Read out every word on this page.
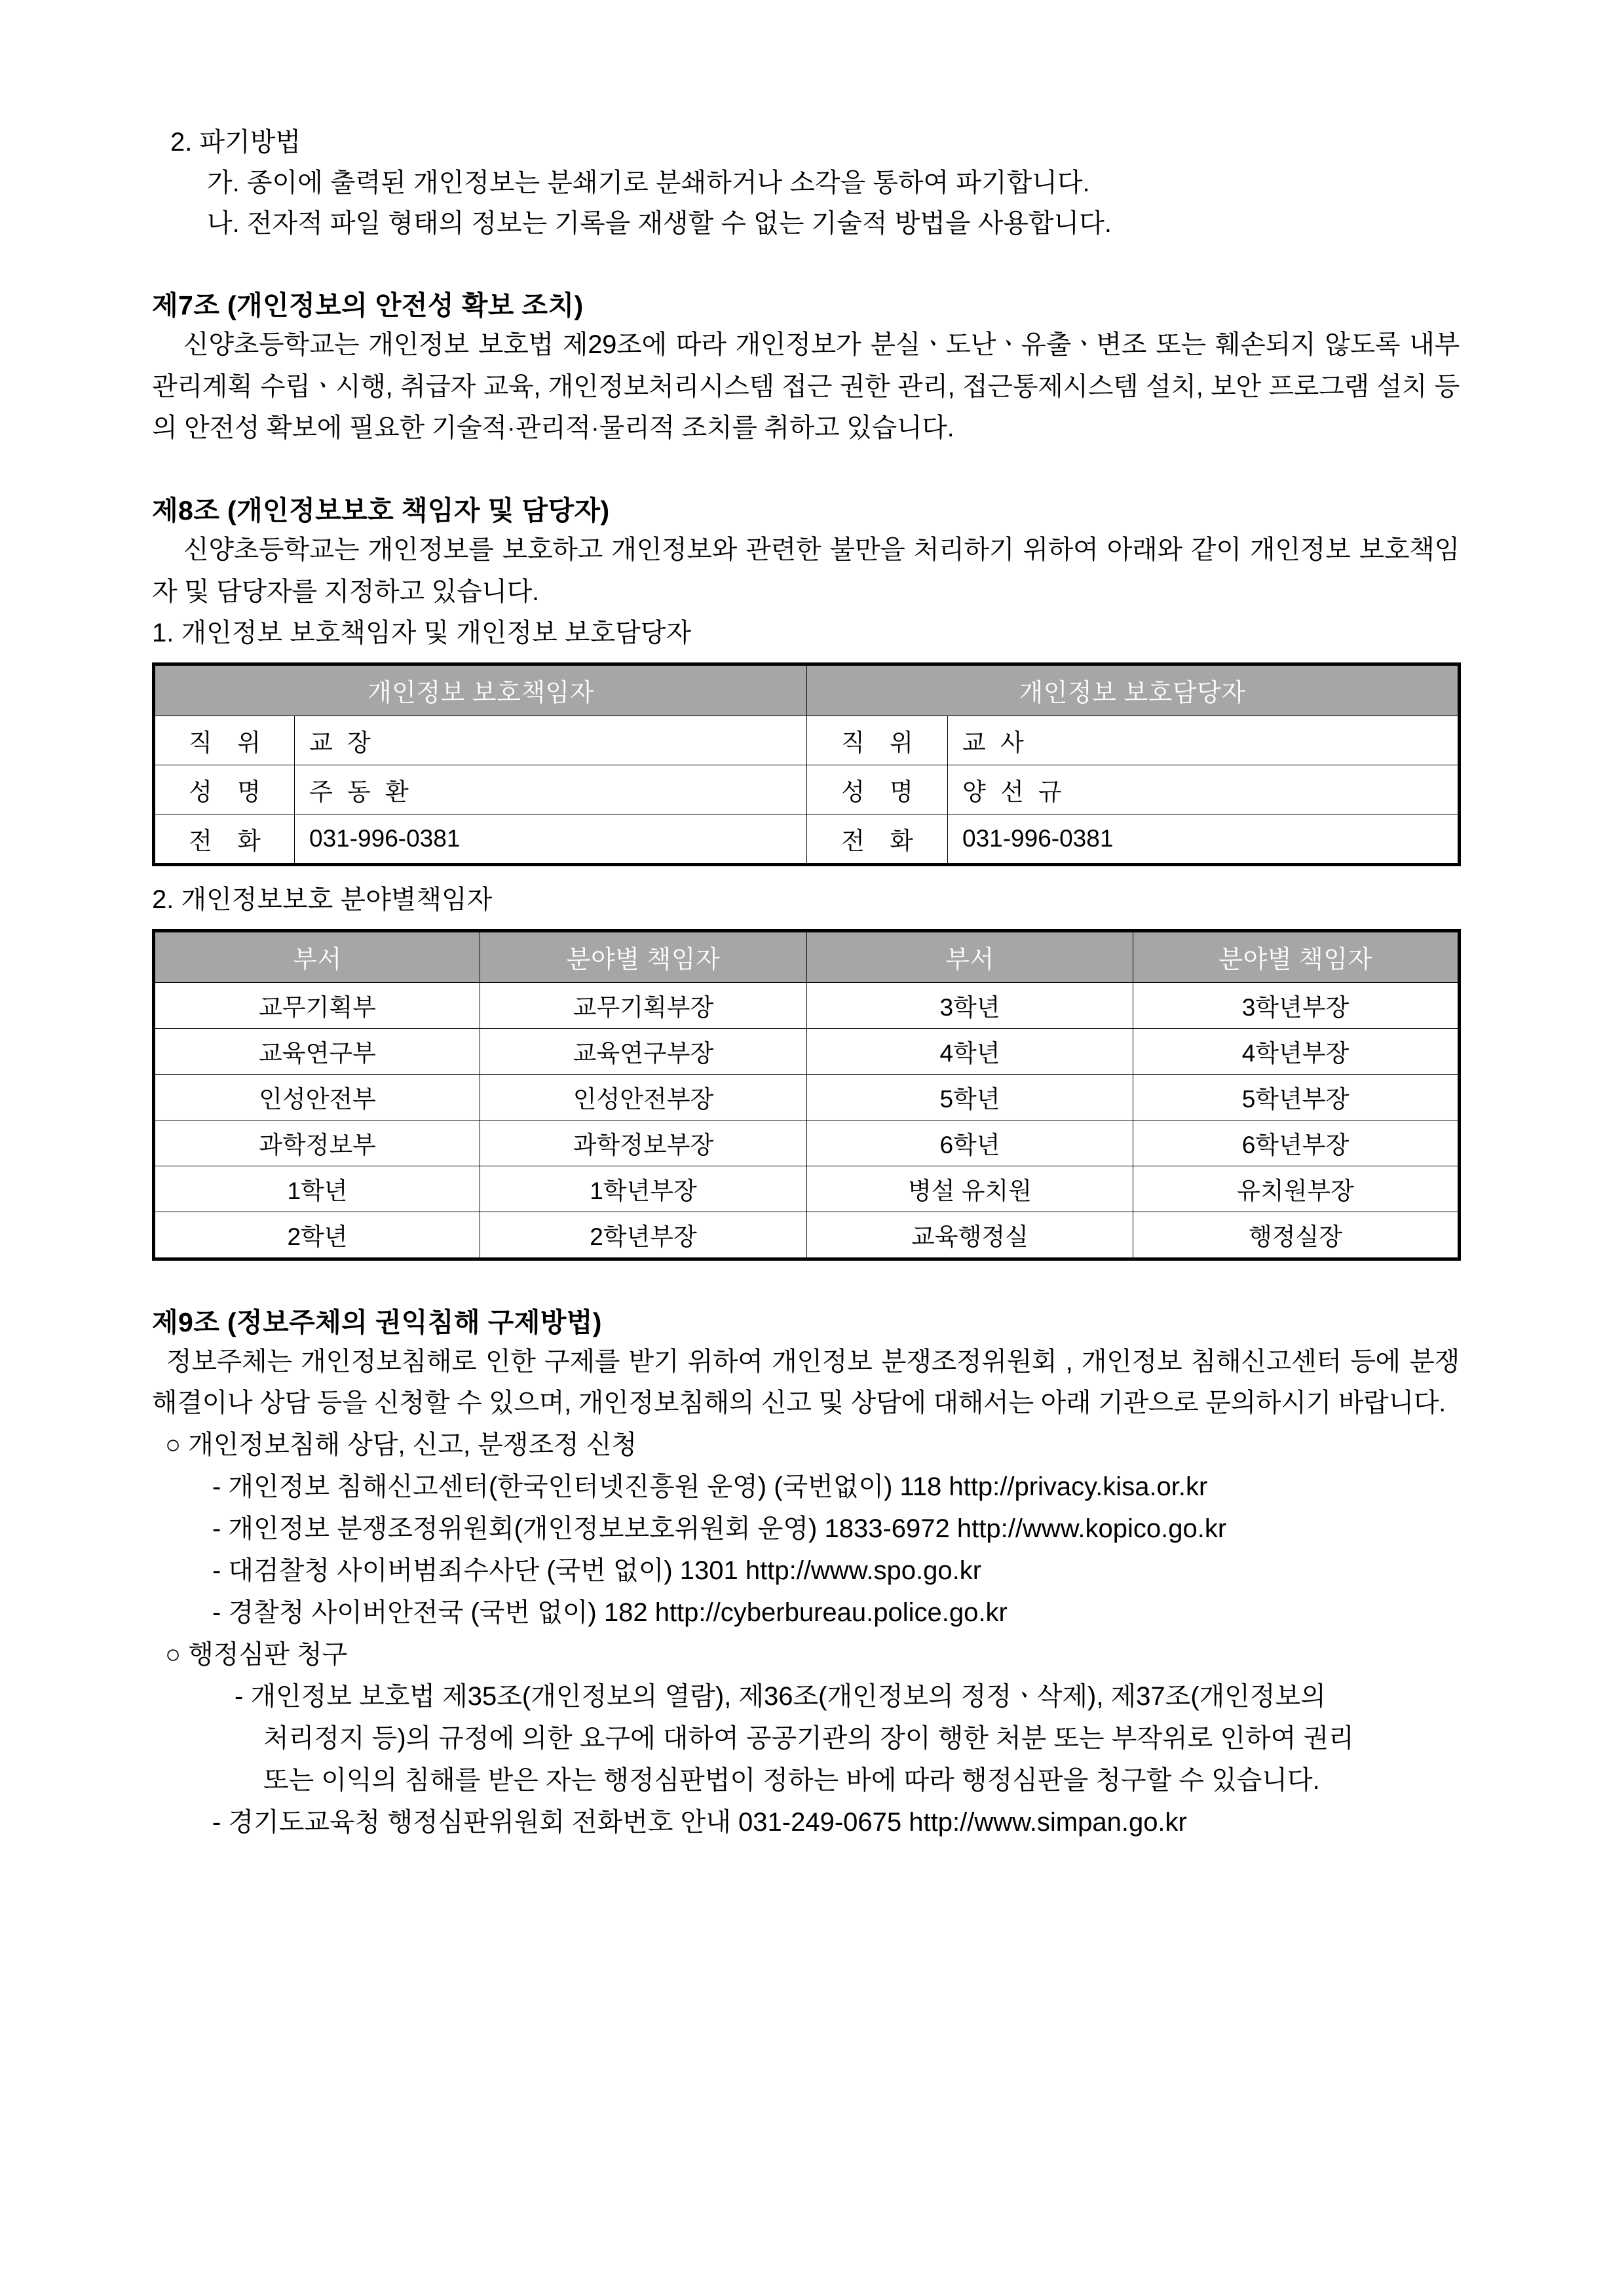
2. 파기방법
가. 종이에 출력된 개인정보는 분쇄기로 분쇄하거나 소각을 통하여 파기합니다.
나. 전자적 파일 형태의 정보는 기록을 재생할 수 없는 기술적 방법을 사용합니다.
제7조 (개인정보의 안전성 확보 조치)
신양초등학교는 개인정보 보호법 제29조에 따라 개인정보가 분실ㆍ도난ㆍ유출ㆍ변조 또는 훼손되지 않도록 내부 관리계획 수립ㆍ시행, 취급자 교육, 개인정보처리시스템 접근 권한 관리, 접근통제시스템 설치, 보안 프로그램 설치 등의 안전성 확보에 필요한 기술적·관리적·물리적 조치를 취하고 있습니다.
제8조 (개인정보보호 책임자 및 담당자)
신양초등학교는 개인정보를 보호하고 개인정보와 관련한 불만을 처리하기 위하여 아래와 같이 개인정보 보호책임자 및 담당자를 지정하고 있습니다.
1. 개인정보 보호책임자 및 개인정보 보호담당자
개인정보 보호책임자		개인정보 보호담당자	
직 위	교 장	직 위	교 사
성 명	주 동 환	성 명	양 선 규
전 화	031-996-0381	전 화	031-996-0381
2. 개인정보보호 분야별책임자
부서	분야별 책임자	부서	분야별 책임자
교무기획부	교무기획부장	3학년	3학년부장
교육연구부	교육연구부장	4학년	4학년부장
인성안전부	인성안전부장	5학년	5학년부장
과학정보부	과학정보부장	6학년	6학년부장
1학년	1학년부장	병설 유치원	유치원부장
2학년	2학년부장	교육행정실	행정실장
제9조 (정보주체의 권익침해 구제방법)
정보주체는 개인정보침해로 인한 구제를 받기 위하여 개인정보 분쟁조정위원회 , 개인정보 침해신고센터 등에 분쟁 해결이나 상담 등을 신청할 수 있으며, 개인정보침해의 신고 및 상담에 대해서는 아래 기관으로 문의하시기 바랍니다.
○ 개인정보침해 상담, 신고, 분쟁조정 신청
- 개인정보 침해신고센터(한국인터넷진흥원 운영) (국번없이) 118 http://privacy.kisa.or.kr
- 개인정보 분쟁조정위원회(개인정보보호위원회 운영) 1833-6972 http://www.kopico.go.kr
- 대검찰청 사이버범죄수사단 (국번 없이) 1301 http://www.spo.go.kr
- 경찰청 사이버안전국 (국번 없이) 182 http://cyberbureau.police.go.kr
○ 행정심판 청구
- 개인정보 보호법 제35조(개인정보의 열람), 제36조(개인정보의 정정ㆍ삭제), 제37조(개인정보의
처리정지 등)의 규정에 의한 요구에 대하여 공공기관의 장이 행한 처분 또는 부작위로 인하여 권리
또는 이익의 침해를 받은 자는 행정심판법이 정하는 바에 따라 행정심판을 청구할 수 있습니다.
- 경기도교육청 행정심판위원회 전화번호 안내 031-249-0675 http://www.simpan.go.kr
